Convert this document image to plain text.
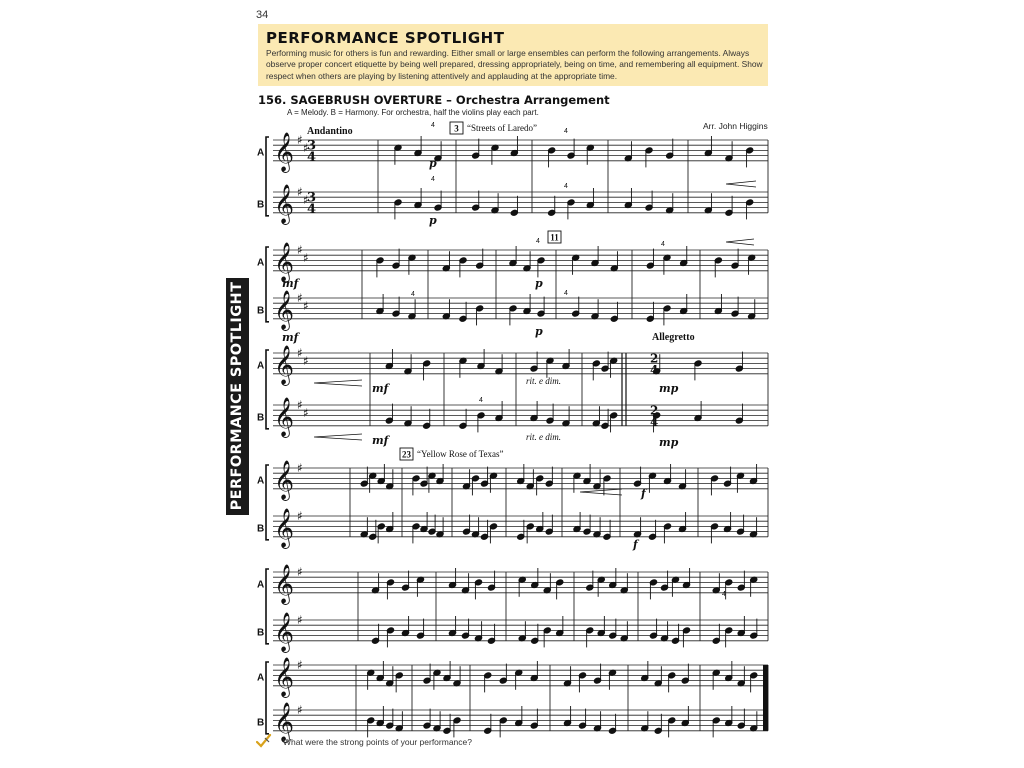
34
PERFORMANCE SPOTLIGHT
Performing music for others is fun and rewarding. Either small or large ensembles can perform the following arrangements. Always observe proper concert etiquette by being well prepared, dressing appropriately, being on time, and remembering all equipment. Show respect when others are playing by listening attentively and applauding at the appropriate time.
PERFORMANCE SPOTLIGHT
156. SAGEBRUSH OVERTURE – Orchestra Arrangement
A = Melody. B = Harmony. For orchestra, half the violins play each part.
Arr. John Higgins
A
B
𝄞 ♯
♯
𝄞 ♯
♯
A
B
𝄞 ♯
♯
𝄞 ♯
♯
A
B
𝄞 ♯
♯
𝄞 ♯
♯
A
B
𝄞 ♯
𝄞 ♯
A
B
𝄞 ♯
𝄞 ♯
A
B
𝄞 ♯
𝄞 ♯
3
4
3
4
2
4
2
4
Andantino
Allegretto
3 “Streets of Laredo”
11
23 “Yellow Rose of Texas”
p
p
mf
mf
p
p
mf
mf
mp
mp
f
f
rit. e dim.
rit. e dim.
4
4
4
4
4	4
4
4
4
4
What were the strong points of your performance?
